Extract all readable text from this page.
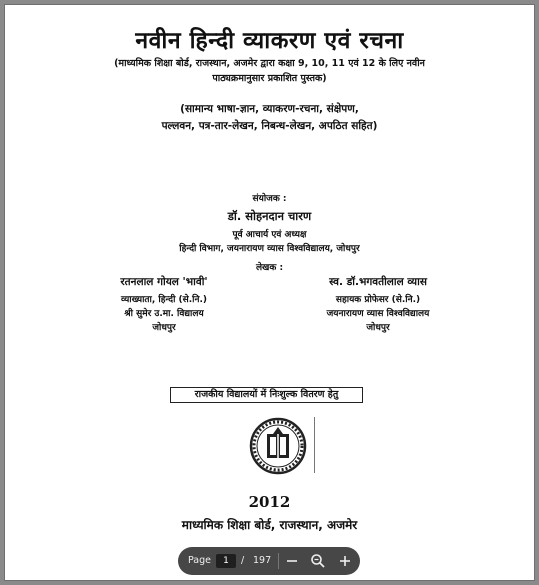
नवीन हिन्दी व्याकरण एवं रचना
(माध्यमिक शिक्षा बोर्ड, राजस्थान, अजमेर द्वारा कक्षा 9, 10, 11 एवं 12 के लिए नवीन
पाठ्यक्रमानुसार प्रकाशित पुस्तक)
(सामान्य भाषा-ज्ञान, व्याकरण-रचना, संक्षेपण,
पल्लवन, पत्र-तार-लेखन, निबन्ध-लेखन, अपठित सहित)
संयोजक :
डॉ. सोहनदान चारण
पूर्व आचार्य एवं अध्यक्ष
हिन्दी विभाग, जयनारायण व्यास विश्वविद्यालय, जोधपुर
लेखक :
रतनलाल गोयल 'भावी'
व्याख्याता, हिन्दी (से.नि.)
श्री सुमेर उ.मा. विद्यालय
जोधपुर
स्व. डॉ.भगवतीलाल व्यास
सहायक प्रोफेसर (से.नि.)
जयनारायण व्यास विश्वविद्यालय
जोधपुर
राजकीय विद्यालयों में निःशुल्क वितरण हेतु
2012
माध्यमिक शिक्षा बोर्ड, राजस्थान, अजमेर
Page	1	/ 197
